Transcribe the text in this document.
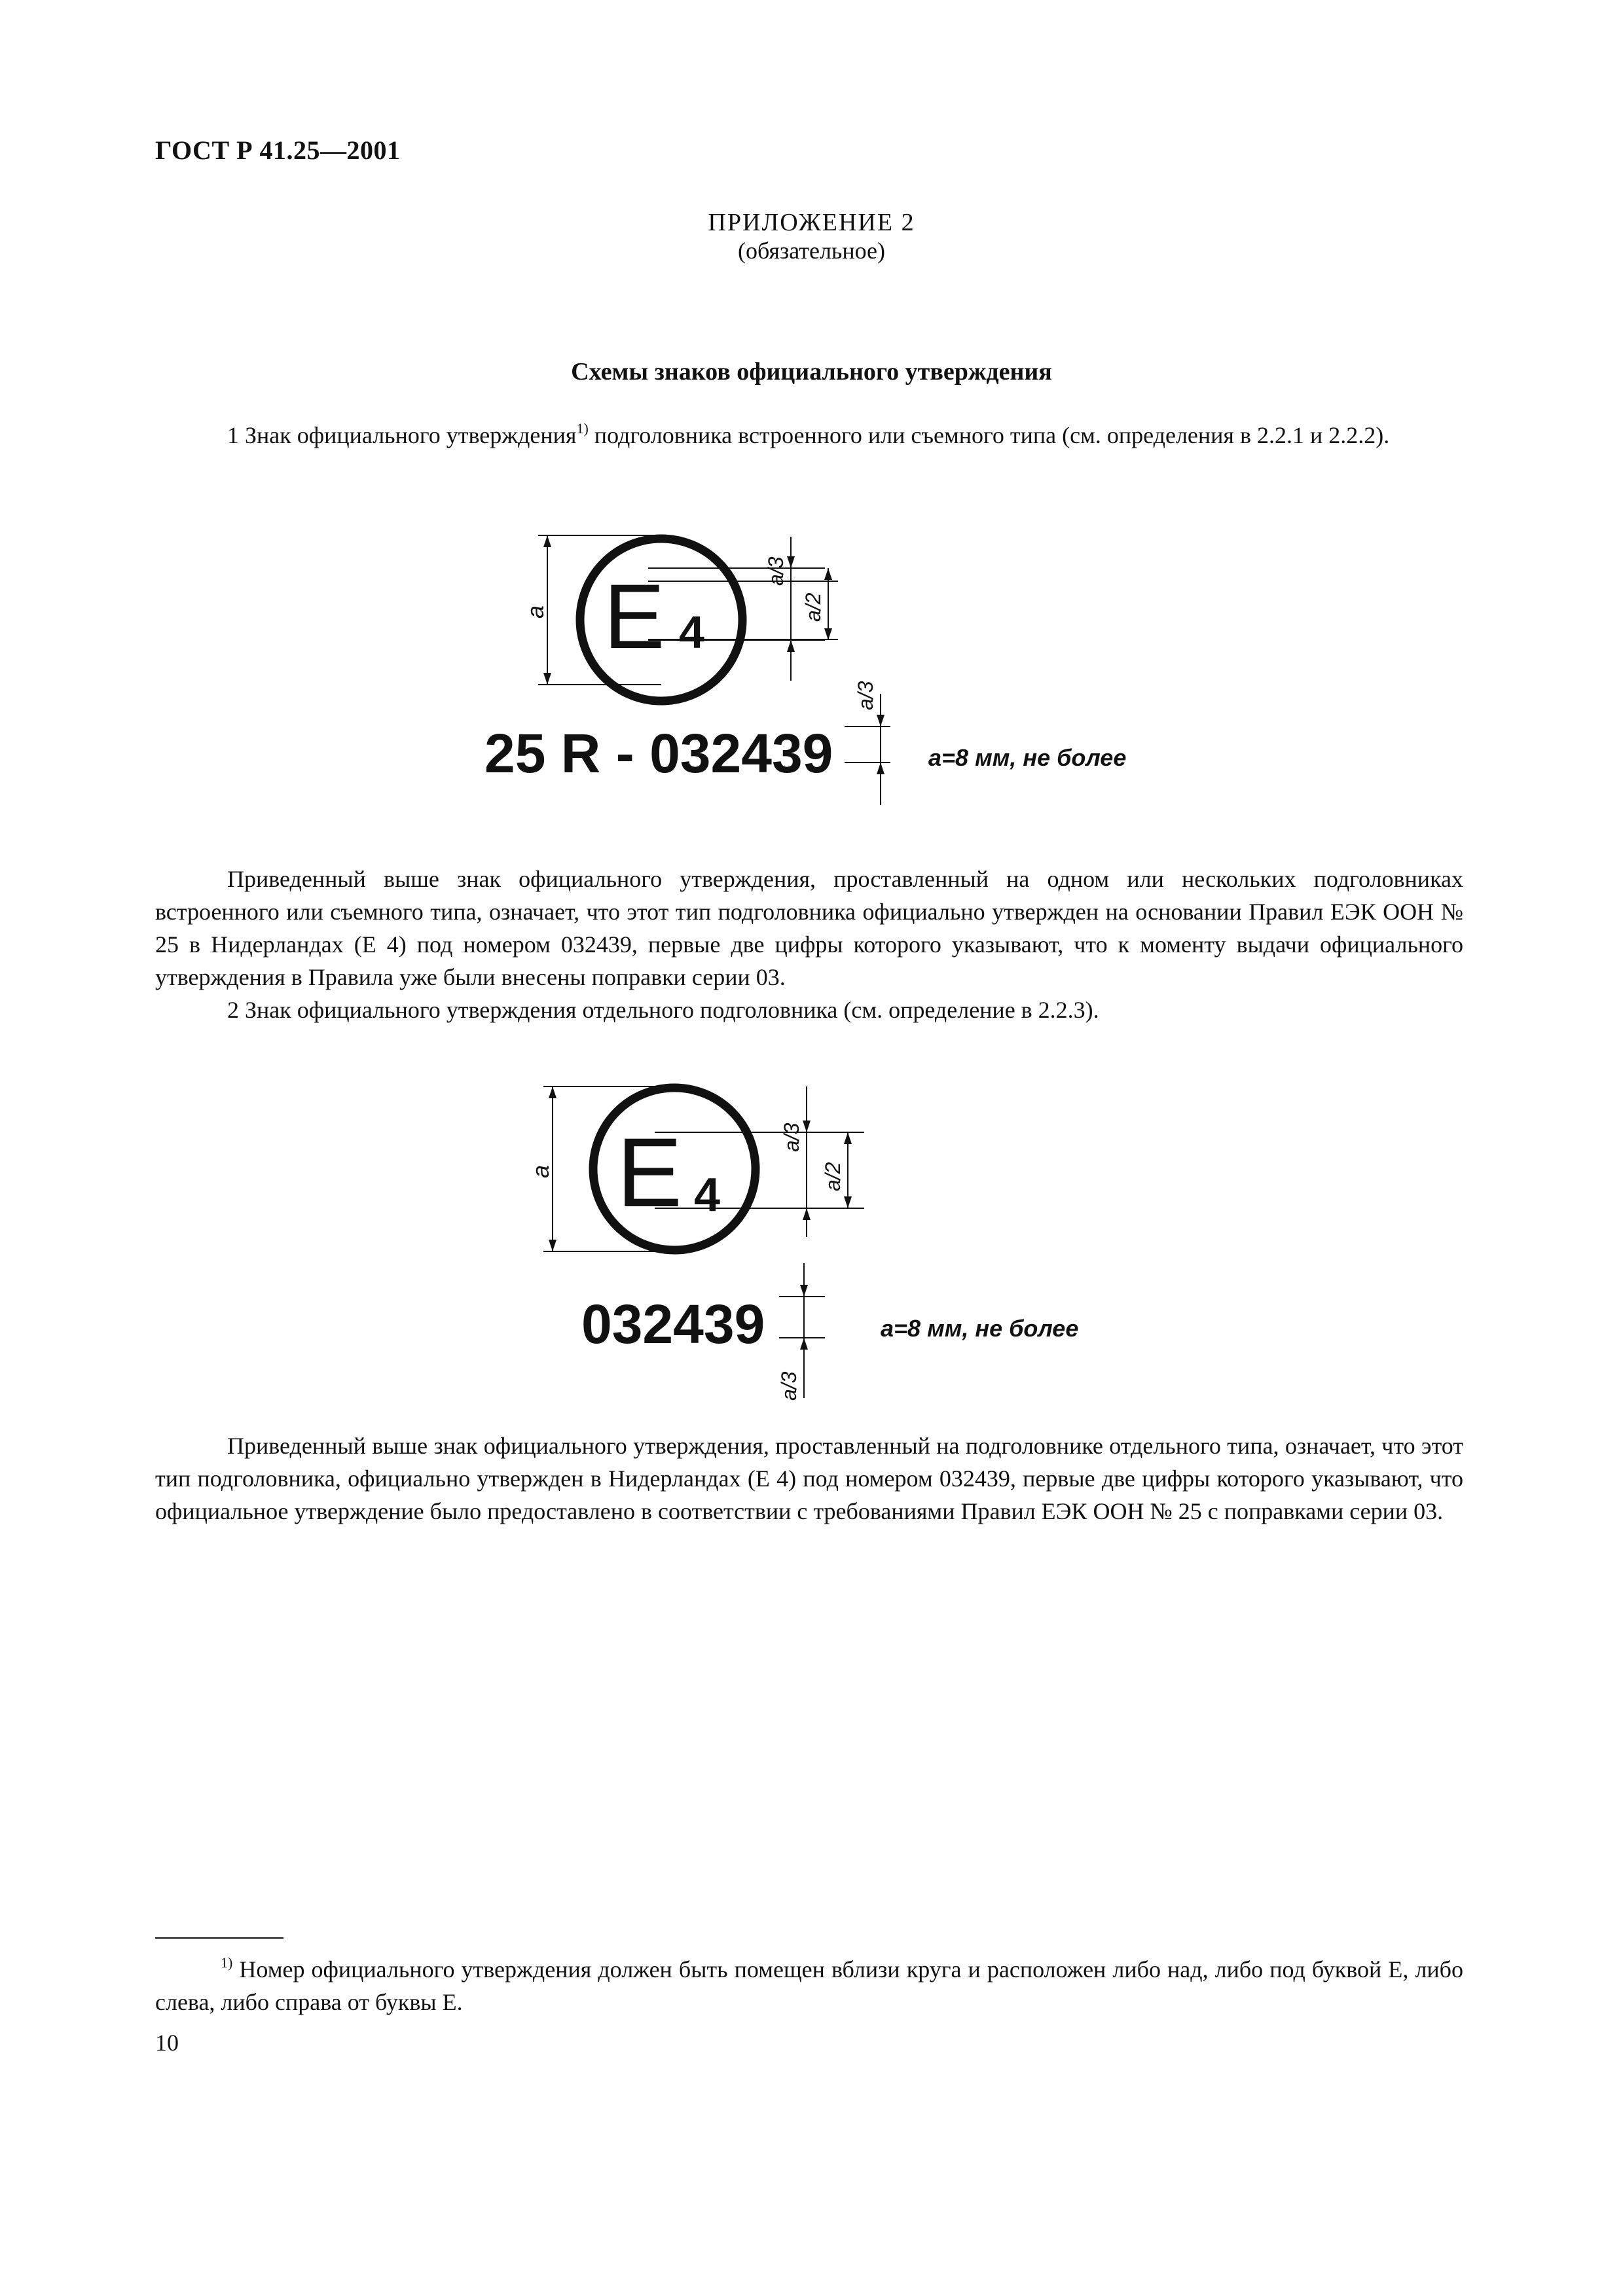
ГОСТ Р 41.25—2001
ПРИЛОЖЕНИЕ 2
(обязательное)
Схемы знаков официального утверждения

1 Знак официального утверждения$^{1)}$ подголовника встроенного или съемного типа (см. определения в 2.2.1 и 2.2.2).

E 4
25 R - 032439	a=8 мм, не более
a
a/3
a/2
a/3

Приведенный выше знак официального утверждения, проставленный на одном или нескольких подголовниках встроенного или съемного типа, означает, что этот тип подголовника официально утвержден на основании Правил ЕЭК ООН № 25 в Нидерландах (Е 4) под номером 032439, первые две цифры которого указывают, что к моменту выдачи официального утверждения в Правила уже были внесены поправки серии 03.

2 Знак официального утверждения отдельного подголовника (см. определение в 2.2.3).

E 4
032439	a=8 мм, не более
a
a/3
a/2
a/3

Приведенный выше знак официального утверждения, проставленный на подголовнике отдельного типа, означает, что этот тип подголовника, официально утвержден в Нидерландах (Е 4) под номером 032439, первые две цифры которого указывают, что официальное утверждение было предоставлено в соответствии с требованиями Правил ЕЭК ООН № 25 с поправками серии 03.

$^{1)}$ Номер официального утверждения должен быть помещен вблизи круга и расположен либо над, либо под буквой Е, либо слева, либо справа от буквы Е.

10
